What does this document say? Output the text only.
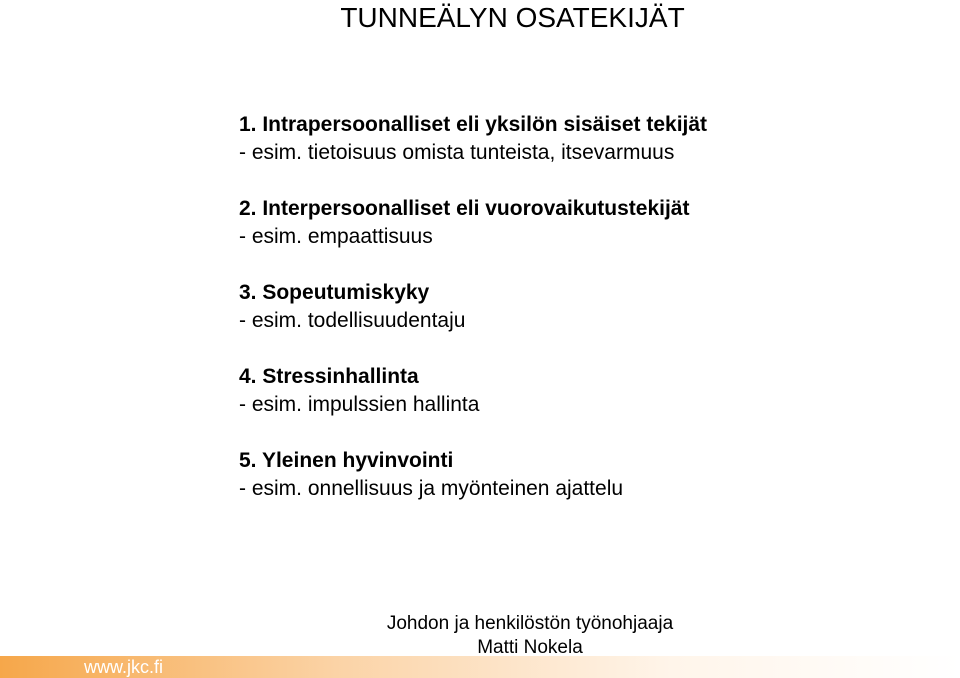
TUNNEÄLYN OSATEKIJÄT
1. Intrapersoonalliset eli yksilön sisäiset tekijät
- esim. tietoisuus omista tunteista, itsevarmuus
2. Interpersoonalliset eli vuorovaikutustekijät
- esim. empaattisuus
3. Sopeutumiskyky
- esim. todellisuudentaju
4. Stressinhallinta
- esim. impulssien hallinta
5. Yleinen hyvinvointi
- esim. onnellisuus ja myönteinen ajattelu
www.jkc.fi
Johdon ja henkilöstön työnohjaaja
Matti Nokela
